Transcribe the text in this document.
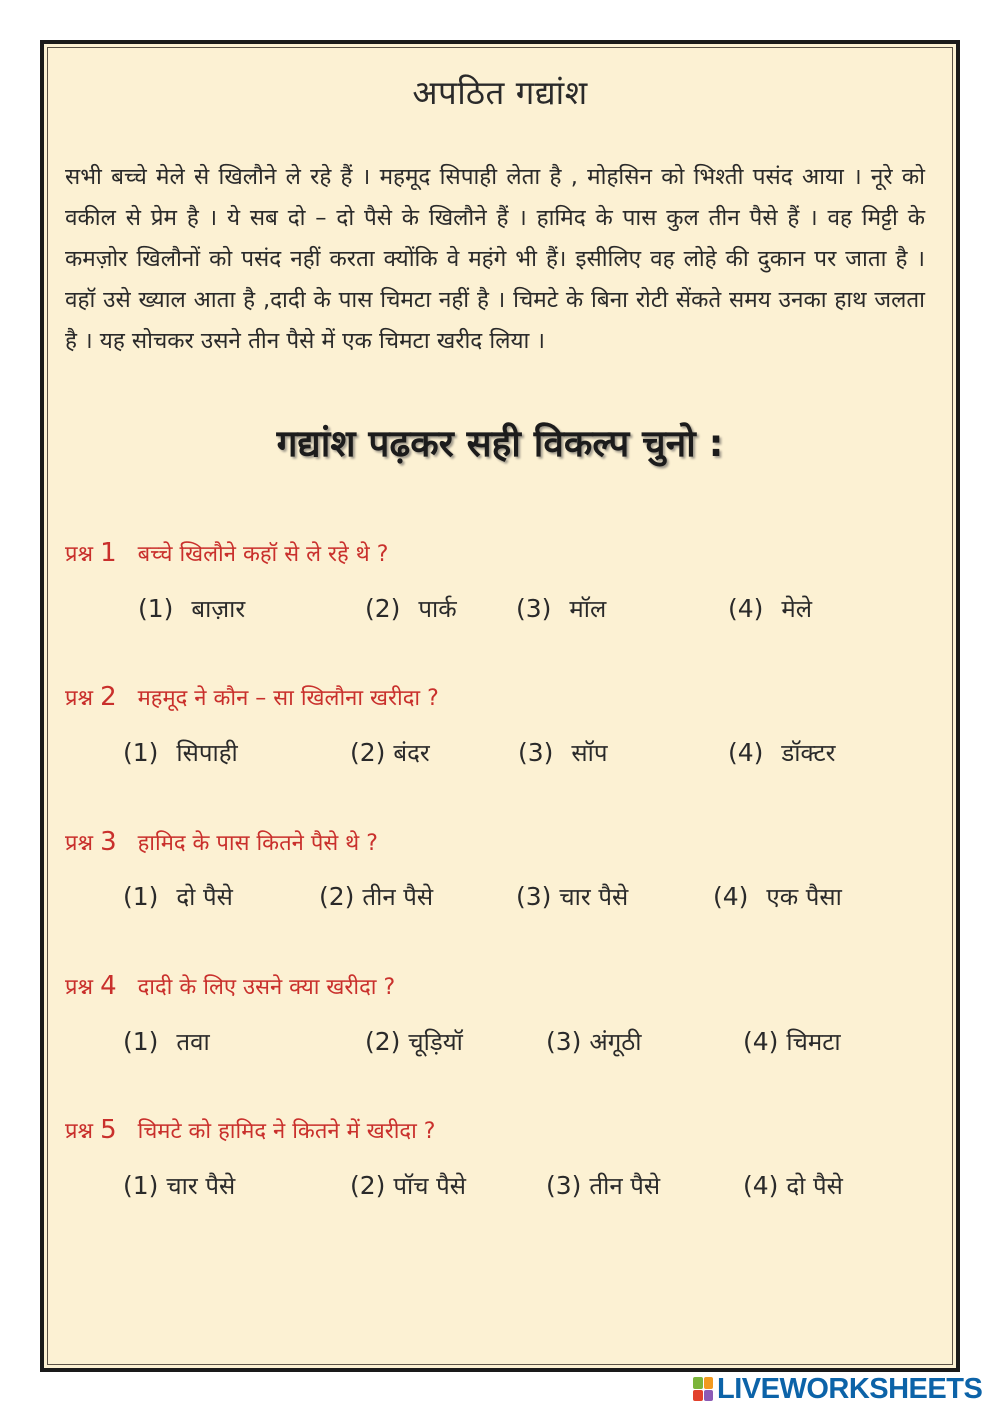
अपठित गद्यांश
सभी बच्चे मेले से खिलौने ले रहे हैं । महमूद सिपाही लेता है , मोहसिन को भिश्ती पसंद आया । नूरे को वकील से प्रेम है । ये सब दो – दो पैसे के खिलौने हैं । हामिद के पास कुल तीन पैसे हैं । वह मिट्टी के कमज़ोर खिलौनों को पसंद नहीं करता क्योंकि वे महंगे भी हैं। इसीलिए वह लोहे की दुकान पर जाता है । वहॉ उसे ख्याल आता है ,दादी के पास चिमटा नहीं है । चिमटे के बिना रोटी सेंकते समय उनका हाथ जलता है । यह सोचकर उसने तीन पैसे में एक चिमटा खरीद लिया ।
गद्यांश पढ़कर सही विकल्प चुनो :
प्रश्न 1 बच्चे खिलौने कहॉ से ले रहे थे ?
(1) बाज़ार	(2) पार्क (3) मॉल	(4) मेले
प्रश्न 2 महमूद ने कौन – सा खिलौना खरीदा ?
(1) सिपाही	(2) बंदर	(3) सॉप	(4) डॉक्टर
प्रश्न 3 हामिद के पास कितने पैसे थे ?
(1) दो पैसे	(2) तीन पैसे	(3) चार पैसे	(4) एक पैसा
प्रश्न 4 दादी के लिए उसने क्या खरीदा ?
(1) तवा	(2) चूड़ियॉ	(3) अंगूठी	(4) चिमटा
प्रश्न 5 चिमटे को हामिद ने कितने में खरीदा ?
(1) चार पैसे	(2) पॉच पैसे	(3) तीन पैसे	(4) दो पैसे
LIVEWORKSHEETS
